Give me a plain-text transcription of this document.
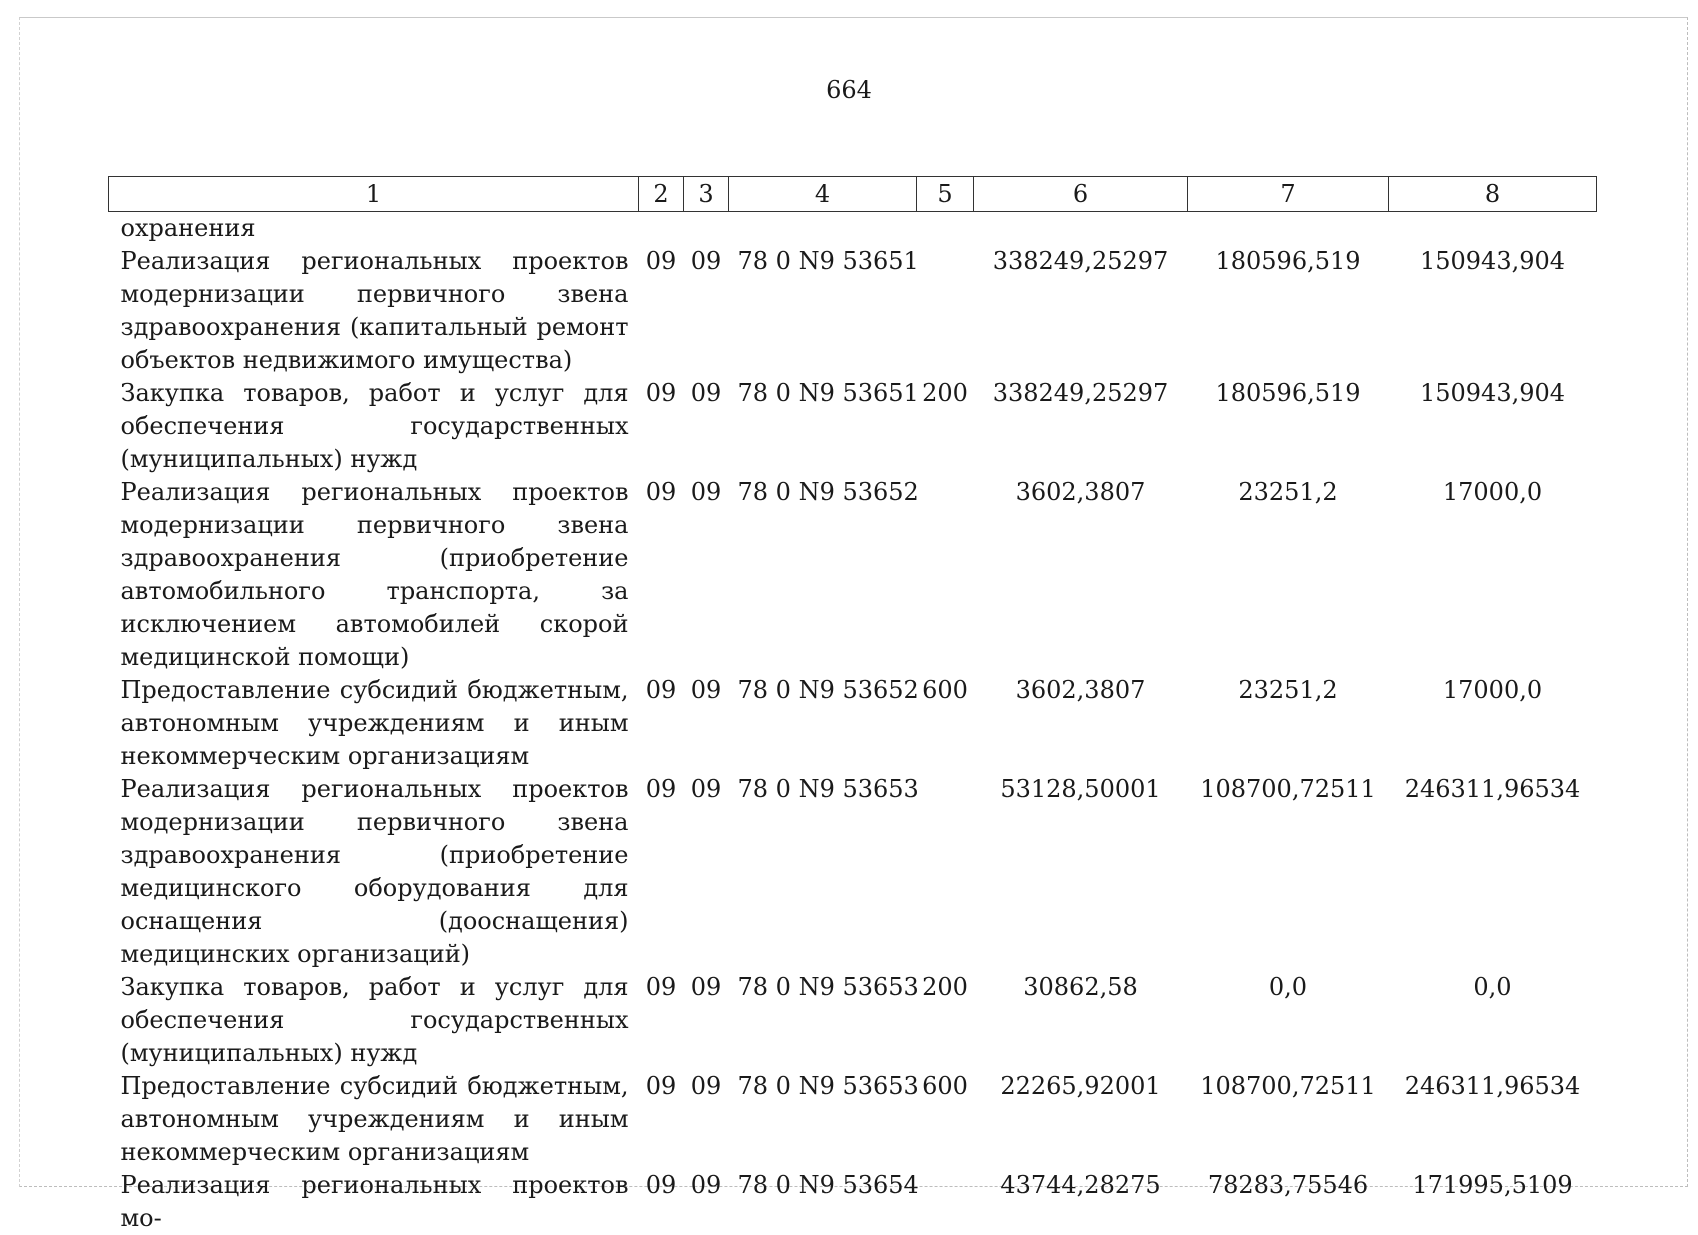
664
1	2	3	4	5	6	7	8
охранения							
Реализация региональных проектов модернизации первичного звена здравоохранения (капитальный ремонт объектов недвижимого имущества)	09	09	78 0 N9 53651		338249,25297	180596,519	150943,904
Закупка товаров, работ и услуг для обеспечения государственных (муниципальных) нужд	09	09	78 0 N9 53651	200	338249,25297	180596,519	150943,904
Реализация региональных проектов модернизации первичного звена здравоохранения (приобретение автомобильного транспорта, за исключением автомобилей скорой медицинской помощи)	09	09	78 0 N9 53652		3602,3807	23251,2	17000,0
Предоставление субсидий бюджетным, автономным учреждениям и иным некоммерческим организациям	09	09	78 0 N9 53652	600	3602,3807	23251,2	17000,0
Реализация региональных проектов модернизации первичного звена здравоохранения (приобретение медицинского оборудования для оснащения (дооснащения) медицинских организаций)	09	09	78 0 N9 53653		53128,50001	108700,72511	246311,96534
Закупка товаров, работ и услуг для обеспечения государственных (муниципальных) нужд	09	09	78 0 N9 53653	200	30862,58	0,0	0,0
Предоставление субсидий бюджетным, автономным учреждениям и иным некоммерческим организациям	09	09	78 0 N9 53653	600	22265,92001	108700,72511	246311,96534
Реализация региональных проектов мо-	09	09	78 0 N9 53654		43744,28275	78283,75546	171995,5109
